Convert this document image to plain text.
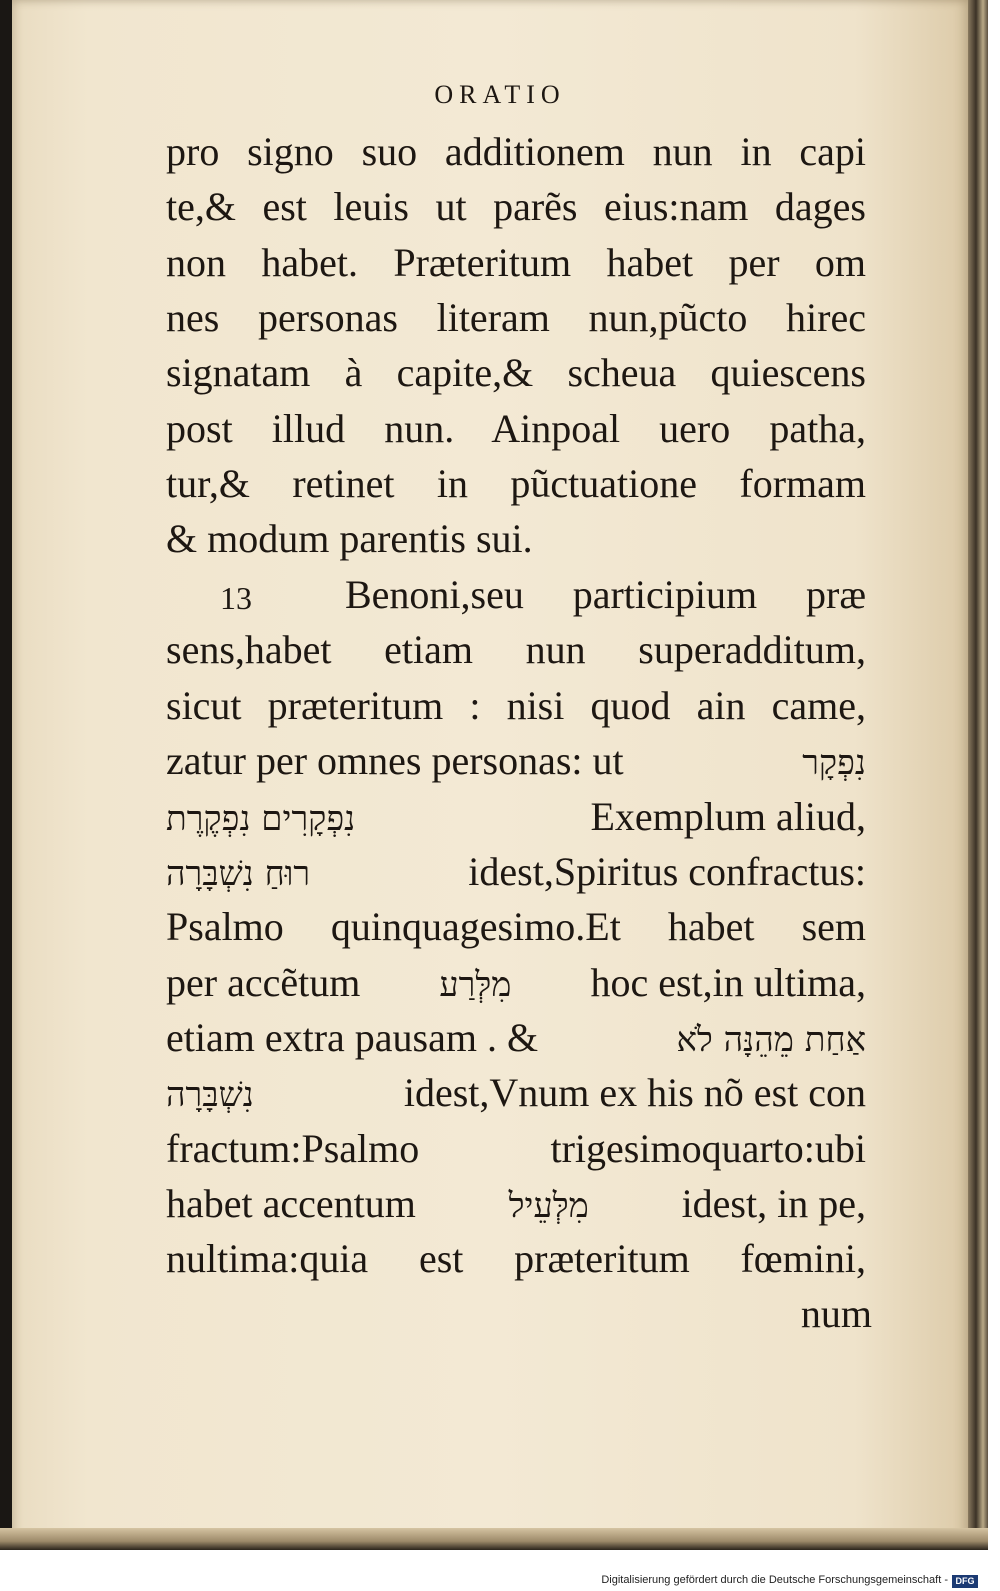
ORATIO
pro signo suo additionem nun in capi
te,& est leuis ut parẽs eius:nam dages
non habet. Præteritum habet per om
nes personas literam nun,pũcto hirec
signatam à capite,& scheua quiescens
post illud nun. Ainpoal uero patha,
tur,& retinet in pũctuatione formam
& modum parentis sui.
13 Benoni,seu participium præ
sens,habet etiam nun superadditum,
sicut præteritum : nisi quod ain came,
zatur per omnes personas: ut	נִפְקָר
נִפְקָרִים נִפְקֶרֶת	Exemplum aliud,
רוּחַ נִשְׁבָּרָה	idest,Spiritus confractus:
Psalmo quinquagesimo.Et habet sem
per accẽtum מִלְּרַע hoc est,in ultima,
etiam extra pausam . &	אַחַת מֵהֵנָּה לֹא
נִשְׁבָּרָה	idest,Vnum ex his nõ est con
fractum:Psalmo trigesimoquarto:ubi
habet accentum	מִלְּעֵיל idest, in pe,
nultima:quia est præteritum fœmini,
num
Digitalisierung gefördert durch die Deutsche Forschungsgemeinschaft - DFG
